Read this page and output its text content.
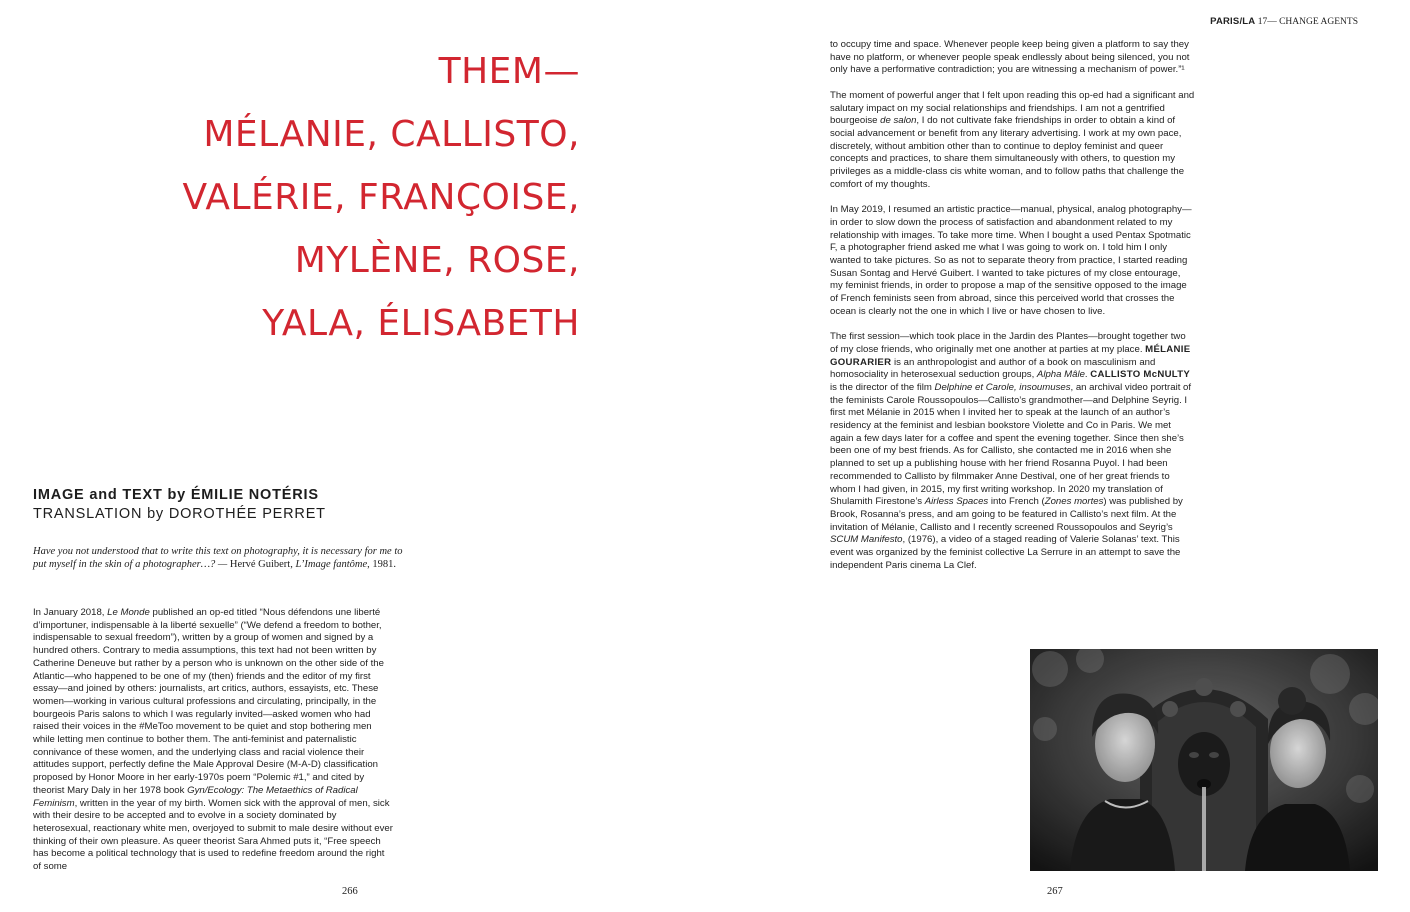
THEM—
MÉLANIE, CALLISTO,
VALÉRIE, FRANÇOISE,
MYLÈNE, ROSE,
YALA, ÉLISABETH
IMAGE and TEXT by ÉMILIE NOTÉRIS
TRANSLATION by DOROTHÉE PERRET

Have you not understood that to write this text on photography, it is necessary for me to put myself in the skin of a photographer…? — Hervé Guibert, L’Image fantôme, 1981.

In January 2018, Le Monde published an op-ed titled “Nous défendons une liberté d’importuner, indispensable à la liberté sexuelle” (“We defend a freedom to bother, indispensable to sexual freedom”), written by a group of women and signed by a hundred others. Contrary to media assumptions, this text had not been written by Catherine Deneuve but rather by a person who is unknown on the other side of the Atlantic—who happened to be one of my (then) friends and the editor of my first essay—and joined by others: journalists, art critics, authors, essayists, etc. These women—working in various cultural professions and circulating, principally, in the bourgeois Paris salons to which I was regularly invited—asked women who had raised their voices in the #MeToo movement to be quiet and stop bothering men while letting men continue to bother them. The anti-feminist and paternalistic connivance of these women, and the underlying class and racial violence their attitudes support, perfectly define the Male Approval Desire (M-A-D) classification proposed by Honor Moore in her early-1970s poem “Polemic #1,” and cited by theorist Mary Daly in her 1978 book Gyn/Ecology: The Metaethics of Radical Feminism, written in the year of my birth. Women sick with the approval of men, sick with their desire to be accepted and to evolve in a society dominated by heterosexual, reactionary white men, overjoyed to submit to male desire without ever thinking of their own pleasure. As queer theorist Sara Ahmed puts it, “Free speech has become a political technology that is used to redefine freedom around the right of some

266
PARIS/LA 17— CHANGE AGENTS

to occupy time and space. Whenever people keep being given a platform to say they have no platform, or whenever people speak endlessly about being silenced, you not only have a performative contradiction; you are witnessing a mechanism of power.”¹

The moment of powerful anger that I felt upon reading this op-ed had a significant and salutary impact on my social relationships and friendships. I am not a gentrified bourgeoise de salon, I do not cultivate fake friendships in order to obtain a kind of social advancement or benefit from any literary advertising. I work at my own pace, discretely, without ambition other than to continue to deploy feminist and queer concepts and practices, to share them simultaneously with others, to question my privileges as a middle-class cis white woman, and to follow paths that challenge the comfort of my thoughts.

In May 2019, I resumed an artistic practice—manual, physical, analog photography—in order to slow down the process of satisfaction and abandonment related to my relationship with images. To take more time. When I bought a used Pentax Spotmatic F, a photographer friend asked me what I was going to work on. I told him I only wanted to take pictures. So as not to separate theory from practice, I started reading Susan Sontag and Hervé Guibert. I wanted to take pictures of my close entourage, my feminist friends, in order to propose a map of the sensitive opposed to the image of French feminists seen from abroad, since this perceived world that crosses the ocean is clearly not the one in which I live or have chosen to live.

The first session—which took place in the Jardin des Plantes—brought together two of my close friends, who originally met one another at parties at my place. MÉLANIE GOURARIER is an anthropologist and author of a book on masculinism and homosociality in heterosexual seduction groups, Alpha Mâle. CALLISTO McNULTY is the director of the film Delphine et Carole, insoumuses, an archival video portrait of the feminists Carole Roussopoulos—Callisto’s grandmother—and Delphine Seyrig. I first met Mélanie in 2015 when I invited her to speak at the launch of an author’s residency at the feminist and lesbian bookstore Violette and Co in Paris. We met again a few days later for a coffee and spent the evening together. Since then she’s been one of my best friends. As for Callisto, she contacted me in 2016 when she planned to set up a publishing house with her friend Rosanna Puyol. I had been recommended to Callisto by filmmaker Anne Destival, one of her great friends to whom I had given, in 2015, my first writing workshop. In 2020 my translation of Shulamith Firestone’s Airless Spaces into French (Zones mortes) was published by Brook, Rosanna’s press, and am going to be featured in Callisto’s next film. At the invitation of Mélanie, Callisto and I recently screened Roussopoulos and Seyrig’s SCUM Manifesto, (1976), a video of a staged reading of Valerie Solanas’ text. This event was organized by the feminist collective La Serrure in an attempt to save the independent Paris cinema La Clef.

267
